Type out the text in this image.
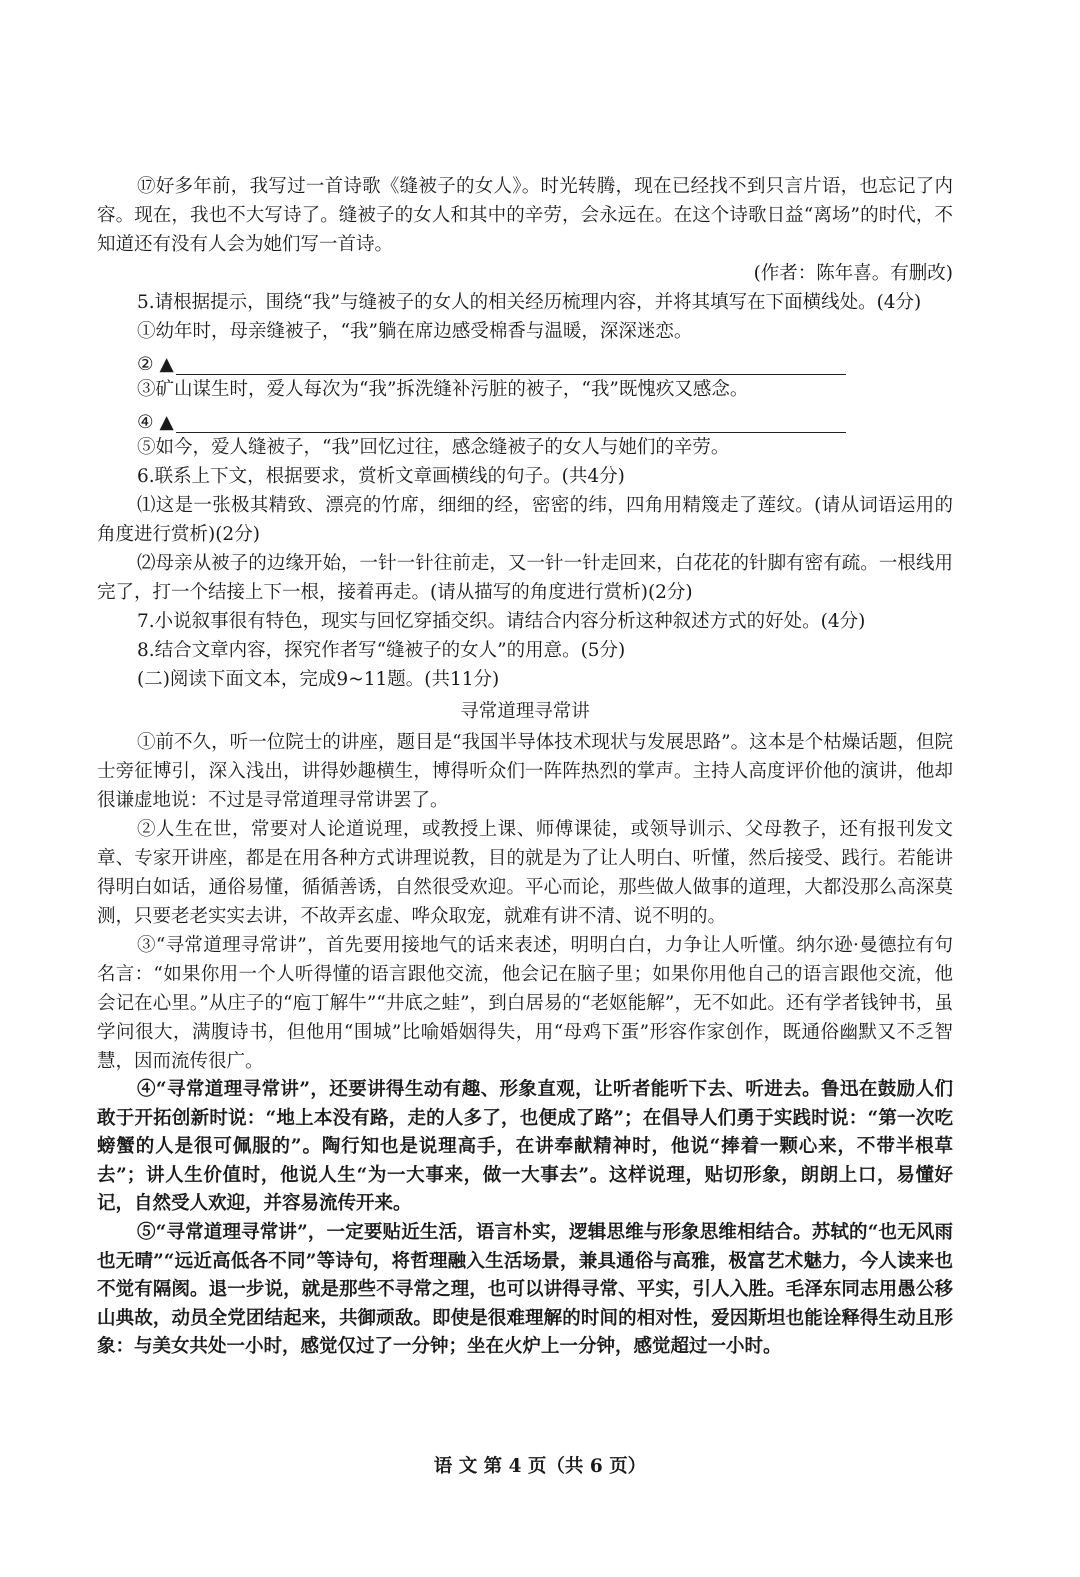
⑰好多年前，我写过一首诗歌《缝被子的女人》。时光转腾，现在已经找不到只言片语，也忘记了内容。现在，我也不大写诗了。缝被子的女人和其中的辛劳，会永远在。在这个诗歌日益“离场”的时代，不知道还有没有人会为她们写一首诗。

(作者：陈年喜。有删改)

5.请根据提示，围绕“我”与缝被子的女人的相关经历梳理内容，并将其填写在下面横线处。(4分)

①幼年时，母亲缝被子，“我”躺在席边感受棉香与温暖，深深迷恋。

② ▲

③矿山谋生时，爱人每次为“我”拆洗缝补污脏的被子，“我”既愧疚又感念。

④ ▲

⑤如今，爱人缝被子，“我”回忆过往，感念缝被子的女人与她们的辛劳。

6.联系上下文，根据要求，赏析文章画横线的句子。(共4分)

⑴这是一张极其精致、漂亮的竹席，细细的经，密密的纬，四角用精篾走了莲纹。(请从词语运用的角度进行赏析)(2分)

⑵母亲从被子的边缘开始，一针一针往前走，又一针一针走回来，白花花的针脚有密有疏。一根线用完了，打一个结接上下一根，接着再走。(请从描写的角度进行赏析)(2分)

7.小说叙事很有特色，现实与回忆穿插交织。请结合内容分析这种叙述方式的好处。(4分)

8.结合文章内容，探究作者写“缝被子的女人”的用意。(5分)

(二)阅读下面文本，完成9~11题。(共11分)

寻常道理寻常讲

①前不久，听一位院士的讲座，题目是“我国半导体技术现状与发展思路”。这本是个枯燥话题，但院士旁征博引，深入浅出，讲得妙趣横生，博得听众们一阵阵热烈的掌声。主持人高度评价他的演讲，他却很谦虚地说：不过是寻常道理寻常讲罢了。

②人生在世，常要对人论道说理，或教授上课、师傅课徒，或领导训示、父母教子，还有报刊发文章、专家开讲座，都是在用各种方式讲理说教，目的就是为了让人明白、听懂，然后接受、践行。若能讲得明白如话，通俗易懂，循循善诱，自然很受欢迎。平心而论，那些做人做事的道理，大都没那么高深莫测，只要老老实实去讲，不故弄玄虚、哗众取宠，就难有讲不清、说不明的。

③“寻常道理寻常讲”，首先要用接地气的话来表述，明明白白，力争让人听懂。纳尔逊·曼德拉有句名言：“如果你用一个人听得懂的语言跟他交流，他会记在脑子里；如果你用他自己的语言跟他交流，他会记在心里。”从庄子的“庖丁解牛”“井底之蛙”，到白居易的“老妪能解”，无不如此。还有学者钱钟书，虽学问很大，满腹诗书，但他用“围城”比喻婚姻得失，用“母鸡下蛋”形容作家创作，既通俗幽默又不乏智慧，因而流传很广。

④“寻常道理寻常讲”，还要讲得生动有趣、形象直观，让听者能听下去、听进去。鲁迅在鼓励人们敢于开拓创新时说：“地上本没有路，走的人多了，也便成了路”；在倡导人们勇于实践时说：“第一次吃螃蟹的人是很可佩服的”。陶行知也是说理高手，在讲奉献精神时，他说“捧着一颗心来，不带半根草去”；讲人生价值时，他说人生“为一大事来，做一大事去”。这样说理，贴切形象，朗朗上口，易懂好记，自然受人欢迎，并容易流传开来。

⑤“寻常道理寻常讲”，一定要贴近生活，语言朴实，逻辑思维与形象思维相结合。苏轼的“也无风雨也无晴”“远近高低各不同”等诗句，将哲理融入生活场景，兼具通俗与高雅，极富艺术魅力，今人读来也不觉有隔阂。退一步说，就是那些不寻常之理，也可以讲得寻常、平实，引人入胜。毛泽东同志用愚公移山典故，动员全党团结起来，共御顽敌。即使是很难理解的时间的相对性，爱因斯坦也能诠释得生动且形象：与美女共处一小时，感觉仅过了一分钟；坐在火炉上一分钟，感觉超过一小时。

语 文 第 4 页（共 6 页）
